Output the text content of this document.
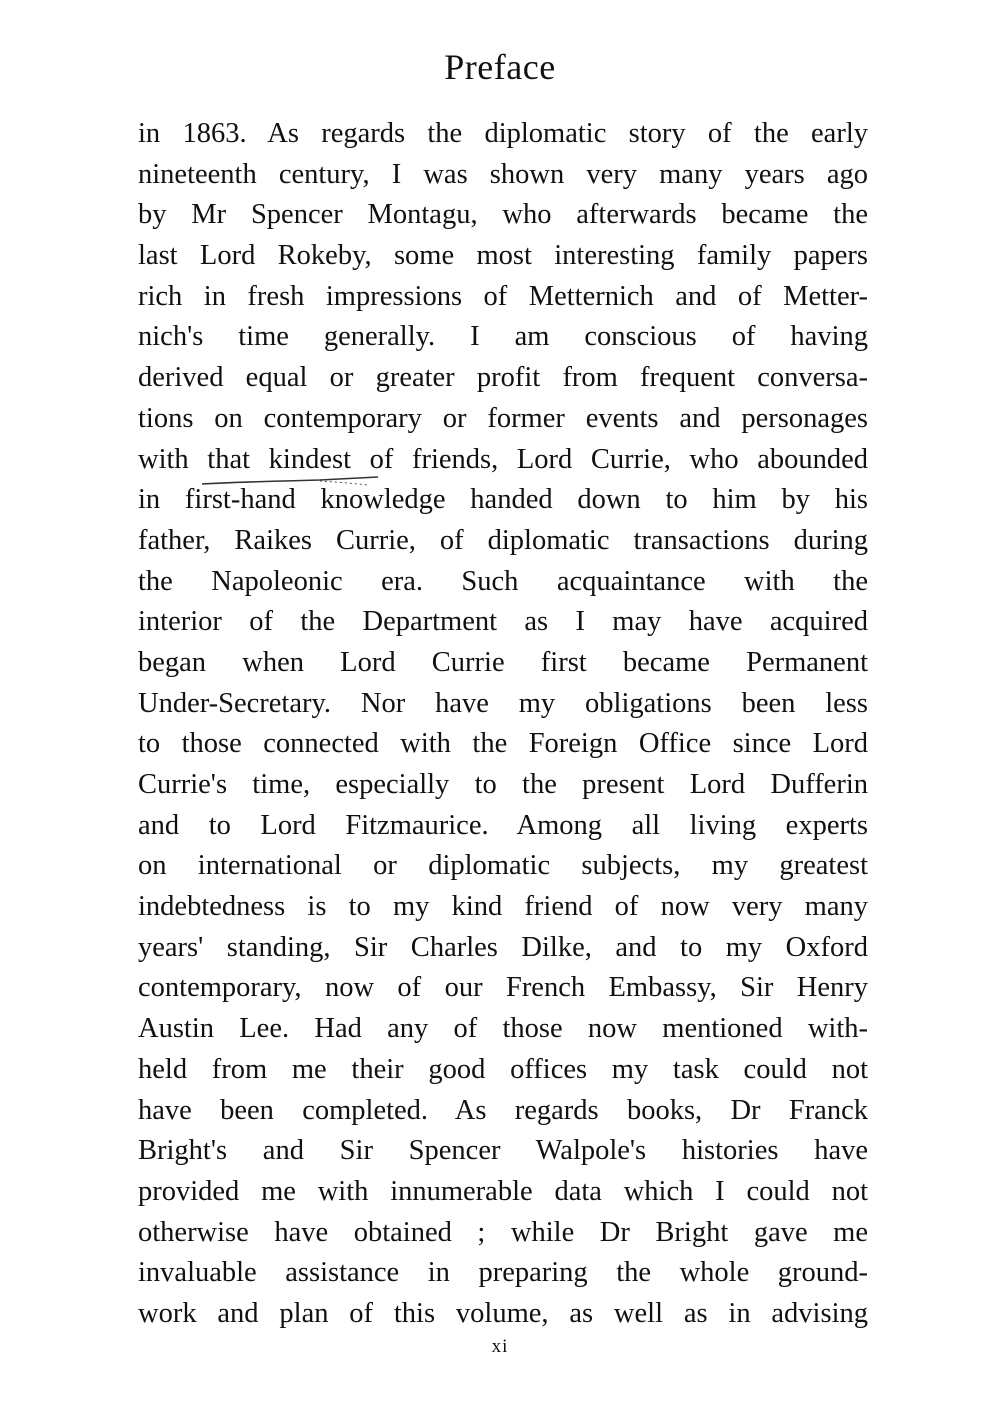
Preface
in 1863. As regards the diplomatic story of the early
nineteenth century, I was shown very many years ago
by Mr Spencer Montagu, who afterwards became the
last Lord Rokeby, some most interesting family papers
rich in fresh impressions of Metternich and of Metter-
nich's time generally. I am conscious of having
derived equal or greater profit from frequent conversa-
tions on contemporary or former events and personages
with that kindest of friends, Lord Currie, who abounded
in first-hand knowledge handed down to him by his
father, Raikes Currie, of diplomatic transactions during
the Napoleonic era. Such acquaintance with the
interior of the Department as I may have acquired
began when Lord Currie first became Permanent
Under-Secretary. Nor have my obligations been less
to those connected with the Foreign Office since Lord
Currie's time, especially to the present Lord Dufferin
and to Lord Fitzmaurice. Among all living experts
on international or diplomatic subjects, my greatest
indebtedness is to my kind friend of now very many
years' standing, Sir Charles Dilke, and to my Oxford
contemporary, now of our French Embassy, Sir Henry
Austin Lee. Had any of those now mentioned with-
held from me their good offices my task could not
have been completed. As regards books, Dr Franck
Bright's and Sir Spencer Walpole's histories have
provided me with innumerable data which I could not
otherwise have obtained ; while Dr Bright gave me
invaluable assistance in preparing the whole ground-
work and plan of this volume, as well as in advising
xi
